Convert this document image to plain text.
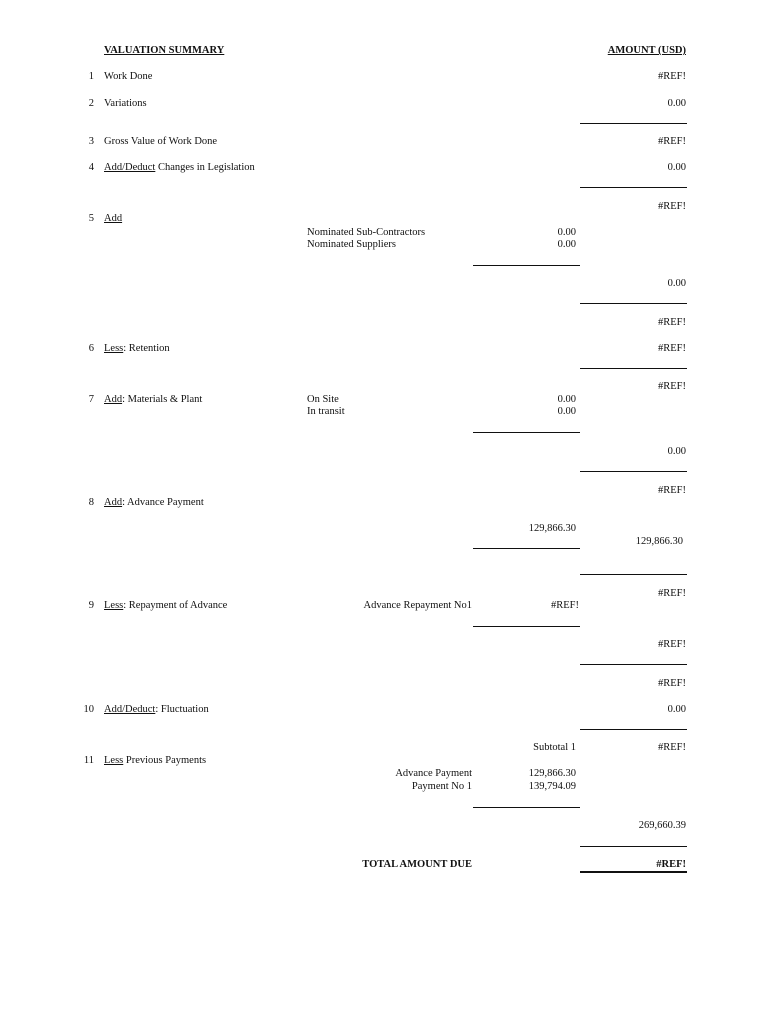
VALUATION SUMMARY	AMOUNT (USD)
1 Work Done	#REF!
2 Variations	0.00
3 Gross Value of Work Done	#REF!
4 Add/Deduct Changes in Legislation	0.00
#REF!
5 Add
Nominated Sub-Contractors	0.00
Nominated Suppliers	0.00
0.00
#REF!
6 Less: Retention	#REF!
#REF!
7 Add: Materials & Plant	On Site	0.00
In transit	0.00
0.00
#REF!
8 Add: Advance Payment
129,866.30
129,866.30
#REF!
9 Less: Repayment of Advance	Advance Repayment No1	#REF!
#REF!
#REF!
10 Add/Deduct: Fluctuation	0.00
Subtotal 1	#REF!
11 Less Previous Payments
Advance Payment	129,866.30
Payment No 1	139,794.09
269,660.39
TOTAL AMOUNT DUE	#REF!
